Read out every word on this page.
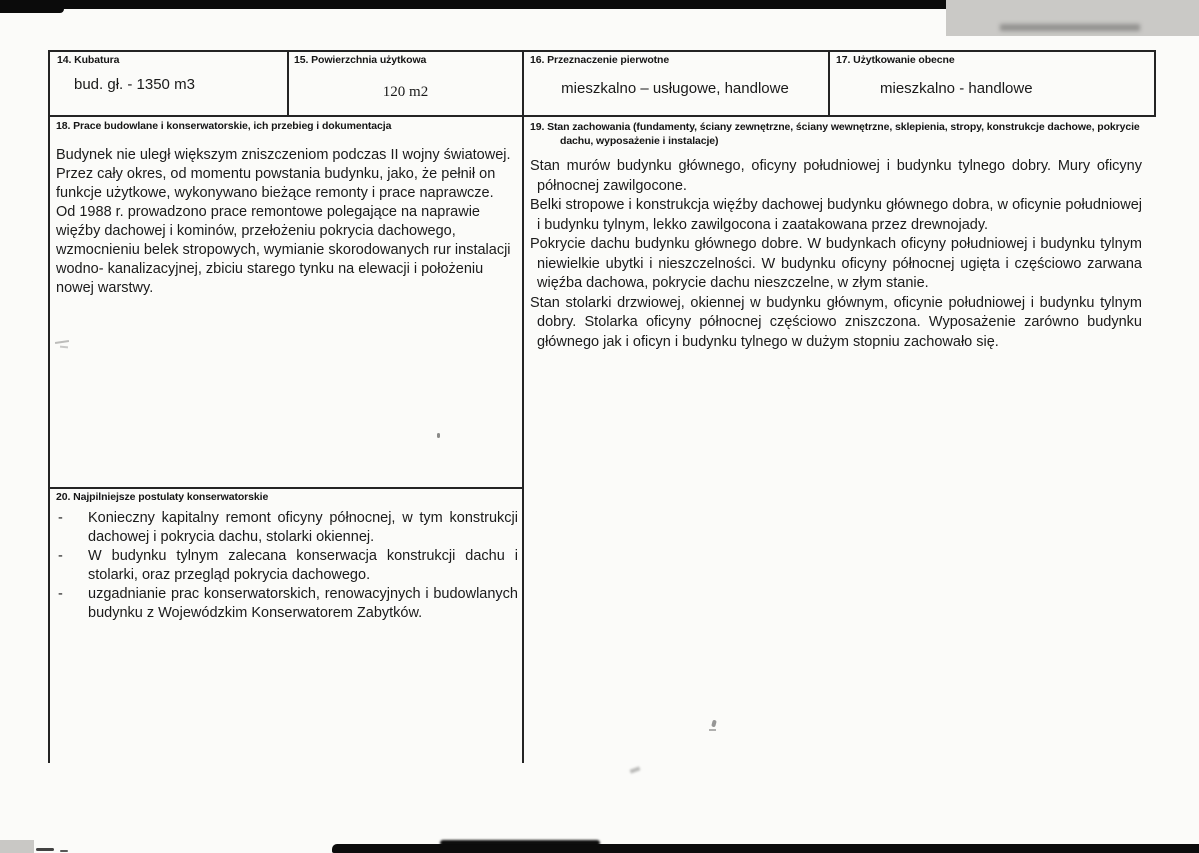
14. Kubatura
bud. gł. - 1350 m3
15. Powierzchnia użytkowa
120 m2
16. Przeznaczenie pierwotne
mieszkalno – usługowe, handlowe
17. Użytkowanie obecne
mieszkalno - handlowe
18. Prace budowlane i konserwatorskie, ich przebieg i dokumentacja
Budynek nie uległ większym zniszczeniom podczas II wojny światowej. Przez cały okres, od momentu powstania budynku, jako, że pełnił on funkcje użytkowe, wykonywano bieżące remonty i prace naprawcze. Od 1988 r. prowadzono prace remontowe polegające na naprawie więźby dachowej i kominów, przełożeniu pokrycia dachowego, wzmocnieniu belek stropowych, wymianie skorodowanych rur instalacji wodno- kanalizacyjnej, zbiciu starego tynku na elewacji i położeniu nowej warstwy.
19. Stan zachowania (fundamenty, ściany zewnętrzne, ściany wewnętrzne, sklepienia, stropy, konstrukcje dachowe, pokrycie dachu, wyposażenie i instalacje)

Stan murów budynku głównego, oficyny południowej i budynku tylnego dobry. Mury oficyny północnej zawilgocone.

Belki stropowe i konstrukcja więźby dachowej budynku głównego dobra, w oficynie południowej i budynku tylnym, lekko zawilgocona i zaatakowana przez drewnojady.

Pokrycie dachu budynku głównego dobre. W budynkach oficyny południowej i budynku tylnym niewielkie ubytki i nieszczelności. W budynku oficyny północnej ugięta i częściowo zarwana więźba dachowa, pokrycie dachu nieszczelne, w złym stanie.

Stan stolarki drzwiowej, okiennej w budynku głównym, oficynie południowej i budynku tylnym dobry. Stolarka oficyny północnej częściowo zniszczona. Wyposażenie zarówno budynku głównego jak i oficyn i budynku tylnego w dużym stopniu zachowało się.

20. Najpilniejsze postulaty konserwatorskie
-	Konieczny kapitalny remont oficyny północnej, w tym konstrukcji dachowej i pokrycia dachu, stolarki okiennej.
-	W budynku tylnym zalecana konserwacja konstrukcji dachu i stolarki, oraz przegląd pokrycia dachowego.
-	uzgadnianie prac konserwatorskich, renowacyjnych i budowlanych budynku z Wojewódzkim Konserwatorem Zabytków.
